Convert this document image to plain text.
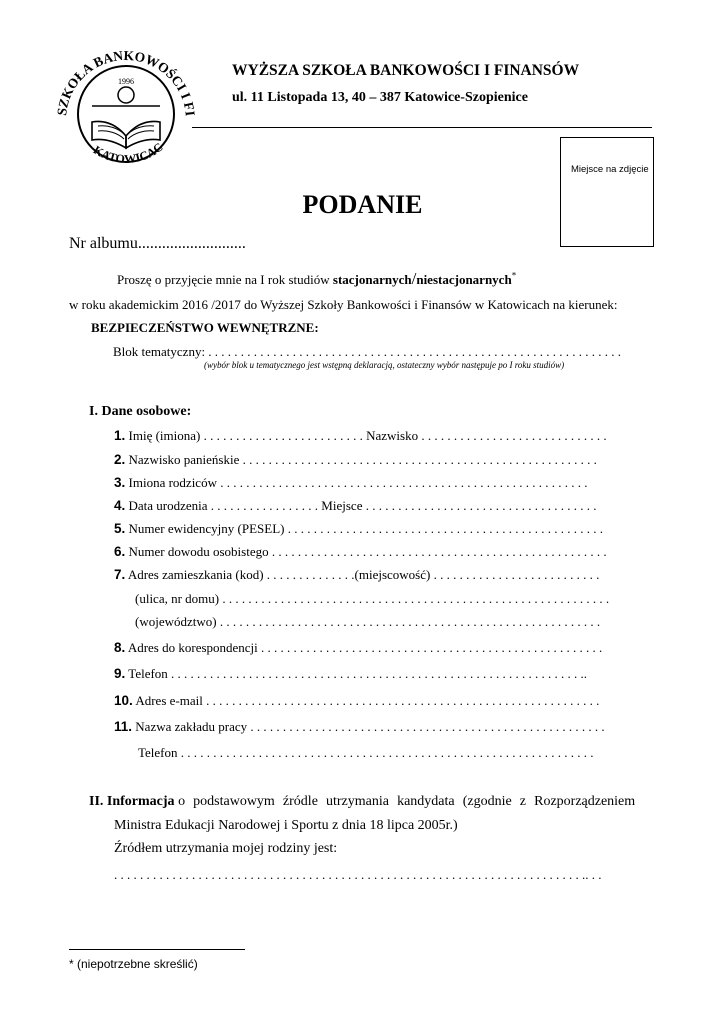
SZKOŁA BANKOWOŚCI I FI
KATOWICAC
1996
WYŻSZA SZKOŁA BANKOWOŚCI I FINANSÓW
ul. 11 Listopada 13, 40 – 387 Katowice-Szopienice
Miejsce na zdjęcie
PODANIE
Nr albumu...........................
Proszę o przyjęcie mnie na I rok studiów stacjonarnych/niestacjonarnych*
w roku akademickim 2016 /2017 do Wyższej Szkoły Bankowości i Finansów w Katowicach na kierunek:
BEZPIECZEŃSTWO WEWNĘTRZNE:
Blok tematyczny: . . . . . . . . . . . . . . . . . . . . . . . . . . . . . . . . . . . . . . . . . . . . . . . . . . . . . . . . . . . . . . . .
(wybór blok u tematycznego jest wstępną deklaracją, ostateczny wybór następuje po I roku studiów)
I. Dane osobowe:
1. Imię (imiona) . . . . . . . . . . . . . . . . . . . . . . . . . Nazwisko . . . . . . . . . . . . . . . . . . . . . . . . . . . . .
2. Nazwisko panieńskie . . . . . . . . . . . . . . . . . . . . . . . . . . . . . . . . . . . . . . . . . . . . . . . . . . . . . . .
3. Imiona rodziców . . . . . . . . . . . . . . . . . . . . . . . . . . . . . . . . . . . . . . . . . . . . . . . . . . . . . . . . .
4. Data urodzenia . . . . . . . . . . . . . . . . . Miejsce . . . . . . . . . . . . . . . . . . . . . . . . . . . . . . . . . . . .
5. Numer ewidencyjny (PESEL) . . . . . . . . . . . . . . . . . . . . . . . . . . . . . . . . . . . . . . . . . . . . . . . . .
6. Numer dowodu osobistego . . . . . . . . . . . . . . . . . . . . . . . . . . . . . . . . . . . . . . . . . . . . . . . . . . . .
7. Adres zamieszkania (kod) . . . . . . . . . . . . . .(miejscowość) . . . . . . . . . . . . . . . . . . . . . . . . . .
(ulica, nr domu) . . . . . . . . . . . . . . . . . . . . . . . . . . . . . . . . . . . . . . . . . . . . . . . . . . . . . . . . . . . .
(województwo) . . . . . . . . . . . . . . . . . . . . . . . . . . . . . . . . . . . . . . . . . . . . . . . . . . . . . . . . . . .
8. Adres do korespondencji . . . . . . . . . . . . . . . . . . . . . . . . . . . . . . . . . . . . . . . . . . . . . . . . . . . . .
9. Telefon . . . . . . . . . . . . . . . . . . . . . . . . . . . . . . . . . . . . . . . . . . . . . . . . . . . . . . . . . . . . . . . ..
10. Adres e-mail . . . . . . . . . . . . . . . . . . . . . . . . . . . . . . . . . . . . . . . . . . . . . . . . . . . . . . . . . . . . .
11. Nazwa zakładu pracy . . . . . . . . . . . . . . . . . . . . . . . . . . . . . . . . . . . . . . . . . . . . . . . . . . . . . . .
Telefon . . . . . . . . . . . . . . . . . . . . . . . . . . . . . . . . . . . . . . . . . . . . . . . . . . . . . . . . . . . . . . . .
II. Informacja o podstawowym źródle utrzymania kandydata (zgodnie z Rozporządzeniem
Ministra Edukacji Narodowej i Sportu z dnia 18 lipca 2005r.)
Źródłem utrzymania mojej rodziny jest:
. . . . . . . . . . . . . . . . . . . . . . . . . . . . . . . . . . . . . . . . . . . . . . . . . . . . . . . . . . . . . . . . . . . . . . . . .. . .
* (niepotrzebne skreślić)
